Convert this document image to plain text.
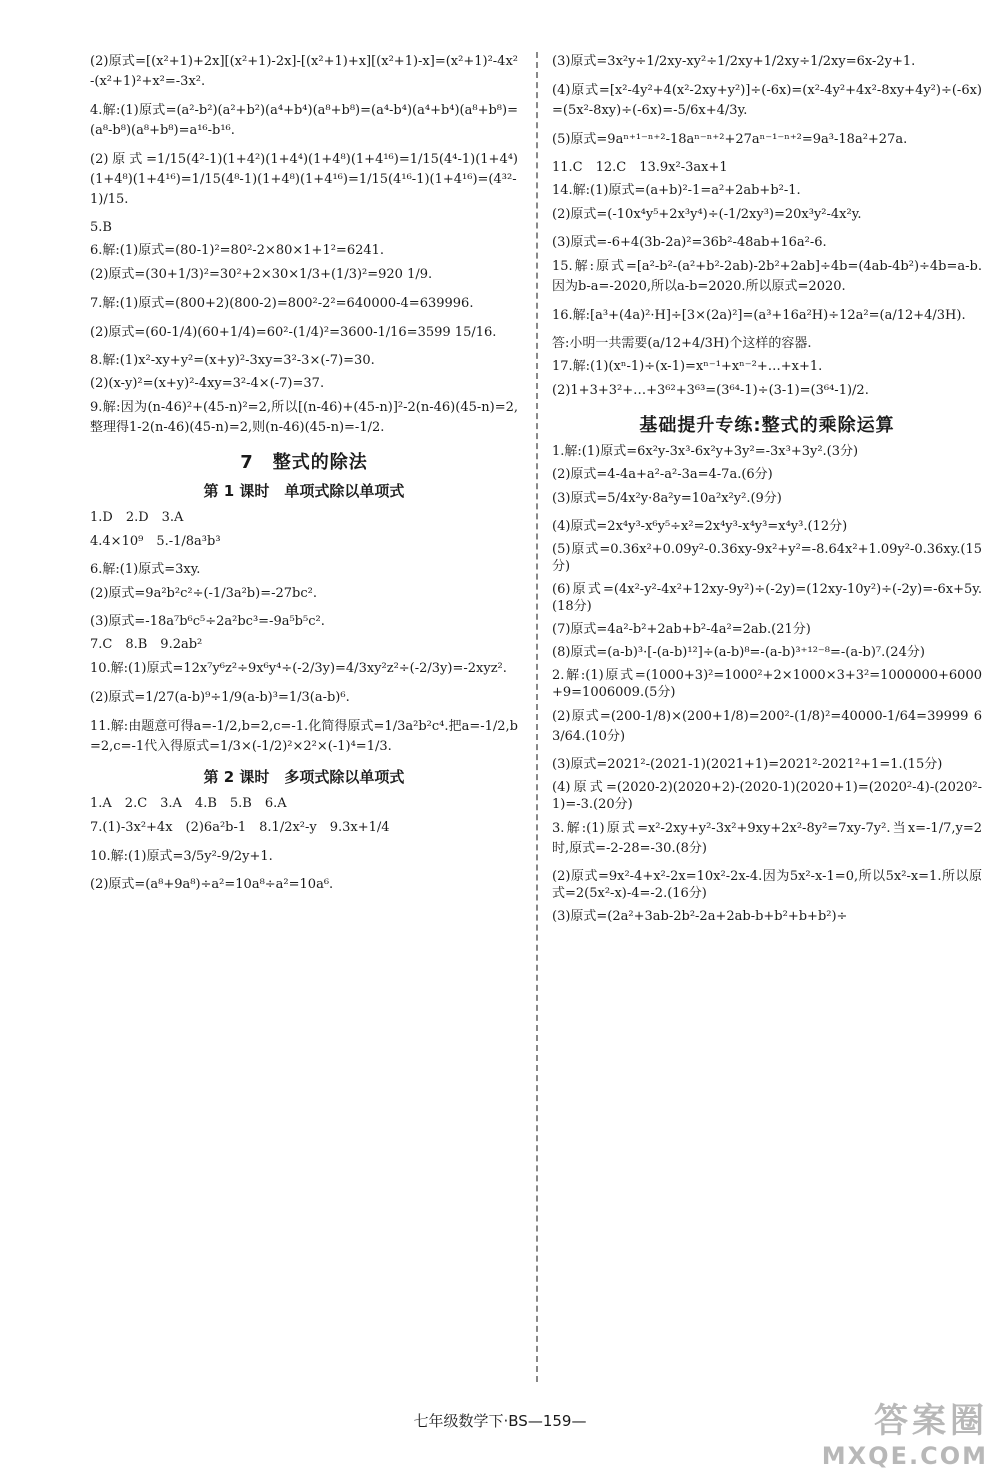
(2)原式=[(x²+1)+2x][(x²+1)-2x]-[(x²+1)+x][(x²+1)-x]=(x²+1)²-4x²-(x²+1)²+x²=-3x².

4.解:(1)原式=(a²-b²)(a²+b²)(a⁴+b⁴)(a⁸+b⁸)=(a⁴-b⁴)(a⁴+b⁴)(a⁸+b⁸)=(a⁸-b⁸)(a⁸+b⁸)=a¹⁶-b¹⁶.

(2)原式=1/15(4²-1)(1+4²)(1+4⁴)(1+4⁸)(1+4¹⁶)=1/15(4⁴-1)(1+4⁴)(1+4⁸)(1+4¹⁶)=1/15(4⁸-1)(1+4⁸)(1+4¹⁶)=1/15(4¹⁶-1)(1+4¹⁶)=(4³²-1)/15.

5.B

6.解:(1)原式=(80-1)²=80²-2×80×1+1²=6241.

(2)原式=(30+1/3)²=30²+2×30×1/3+(1/3)²=920 1/9.

7.解:(1)原式=(800+2)(800-2)=800²-2²=640000-4=639996.

(2)原式=(60-1/4)(60+1/4)=60²-(1/4)²=3600-1/16=3599 15/16.

8.解:(1)x²-xy+y²=(x+y)²-3xy=3²-3×(-7)=30.

(2)(x-y)²=(x+y)²-4xy=3²-4×(-7)=37.

9.解:因为(n-46)²+(45-n)²=2,所以[(n-46)+(45-n)]²-2(n-46)(45-n)=2,整理得1-2(n-46)(45-n)=2,则(n-46)(45-n)=-1/2.

7　整式的除法
第 1 课时　单项式除以单项式

1.D　2.D　3.A

4.4×10⁹　5.-1/8a³b³

6.解:(1)原式=3xy.

(2)原式=9a²b²c²÷(-1/3a²b)=-27bc².

(3)原式=-18a⁷b⁶c⁵÷2a²bc³=-9a⁵b⁵c².

7.C　8.B　9.2ab²

10.解:(1)原式=12x⁷y⁶z²÷9x⁶y⁴÷(-2/3y)=4/3xy²z²÷(-2/3y)=-2xyz².

(2)原式=1/27(a-b)⁹÷1/9(a-b)³=1/3(a-b)⁶.

11.解:由题意可得a=-1/2,b=2,c=-1.化简得原式=1/3a²b²c⁴.把a=-1/2,b=2,c=-1代入得原式=1/3×(-1/2)²×2²×(-1)⁴=1/3.

第 2 课时　多项式除以单项式

1.A　2.C　3.A　4.B　5.B　6.A

7.(1)-3x²+4x　(2)6a²b-1　8.1/2x²-y　9.3x+1/4

10.解:(1)原式=3/5y²-9/2y+1.

(2)原式=(a⁸+9a⁸)÷a²=10a⁸÷a²=10a⁶.

(3)原式=3x²y÷1/2xy-xy²÷1/2xy+1/2xy÷1/2xy=6x-2y+1.

(4)原式=[x²-4y²+4(x²-2xy+y²)]÷(-6x)=(x²-4y²+4x²-8xy+4y²)÷(-6x)=(5x²-8xy)÷(-6x)=-5/6x+4/3y.

(5)原式=9aⁿ⁺¹⁻ⁿ⁺²-18aⁿ⁻ⁿ⁺²+27aⁿ⁻¹⁻ⁿ⁺²=9a³-18a²+27a.

11.C　12.C　13.9x²-3ax+1

14.解:(1)原式=(a+b)²-1=a²+2ab+b²-1.

(2)原式=(-10x⁴y⁵+2x³y⁴)÷(-1/2xy³)=20x³y²-4x²y.

(3)原式=-6+4(3b-2a)²=36b²-48ab+16a²-6.

15.解:原式=[a²-b²-(a²+b²-2ab)-2b²+2ab]÷4b=(4ab-4b²)÷4b=a-b.因为b-a=-2020,所以a-b=2020.所以原式=2020.

16.解:[a³+(4a)²·H]÷[3×(2a)²]=(a³+16a²H)÷12a²=(a/12+4/3H).

答:小明一共需要(a/12+4/3H)个这样的容器.

17.解:(1)(xⁿ-1)÷(x-1)=xⁿ⁻¹+xⁿ⁻²+…+x+1.

(2)1+3+3²+…+3⁶²+3⁶³=(3⁶⁴-1)÷(3-1)=(3⁶⁴-1)/2.

基础提升专练:整式的乘除运算

1.解:(1)原式=6x²y-3x³-6x²y+3y²=-3x³+3y².(3分)

(2)原式=4-4a+a²-a²-3a=4-7a.(6分)

(3)原式=5/4x²y·8a²y=10a²x²y².(9分)

(4)原式=2x⁴y³-x⁶y⁵÷x²=2x⁴y³-x⁴y³=x⁴y³.(12分)

(5)原式=0.36x²+0.09y²-0.36xy-9x²+y²=-8.64x²+1.09y²-0.36xy.(15分)

(6)原式=(4x²-y²-4x²+12xy-9y²)÷(-2y)=(12xy-10y²)÷(-2y)=-6x+5y.(18分)

(7)原式=4a²-b²+2ab+b²-4a²=2ab.(21分)

(8)原式=(a-b)³·[-(a-b)¹²]÷(a-b)⁸=-(a-b)³⁺¹²⁻⁸=-(a-b)⁷.(24分)

2.解:(1)原式=(1000+3)²=1000²+2×1000×3+3²=1000000+6000+9=1006009.(5分)

(2)原式=(200-1/8)×(200+1/8)=200²-(1/8)²=40000-1/64=39999 63/64.(10分)

(3)原式=2021²-(2021-1)(2021+1)=2021²-2021²+1=1.(15分)

(4)原式=(2020-2)(2020+2)-(2020-1)(2020+1)=(2020²-4)-(2020²-1)=-3.(20分)

3.解:(1)原式=x²-2xy+y²-3x²+9xy+2x²-8y²=7xy-7y².当x=-1/7,y=2时,原式=-2-28=-30.(8分)

(2)原式=9x²-4+x²-2x=10x²-2x-4.因为5x²-x-1=0,所以5x²-x=1.所以原式=2(5x²-x)-4=-2.(16分)

(3)原式=(2a²+3ab-2b²-2a+2ab-b+b²+b+b²)÷

七年级数学下·BS—159—	答案圈
MXQE.COM
